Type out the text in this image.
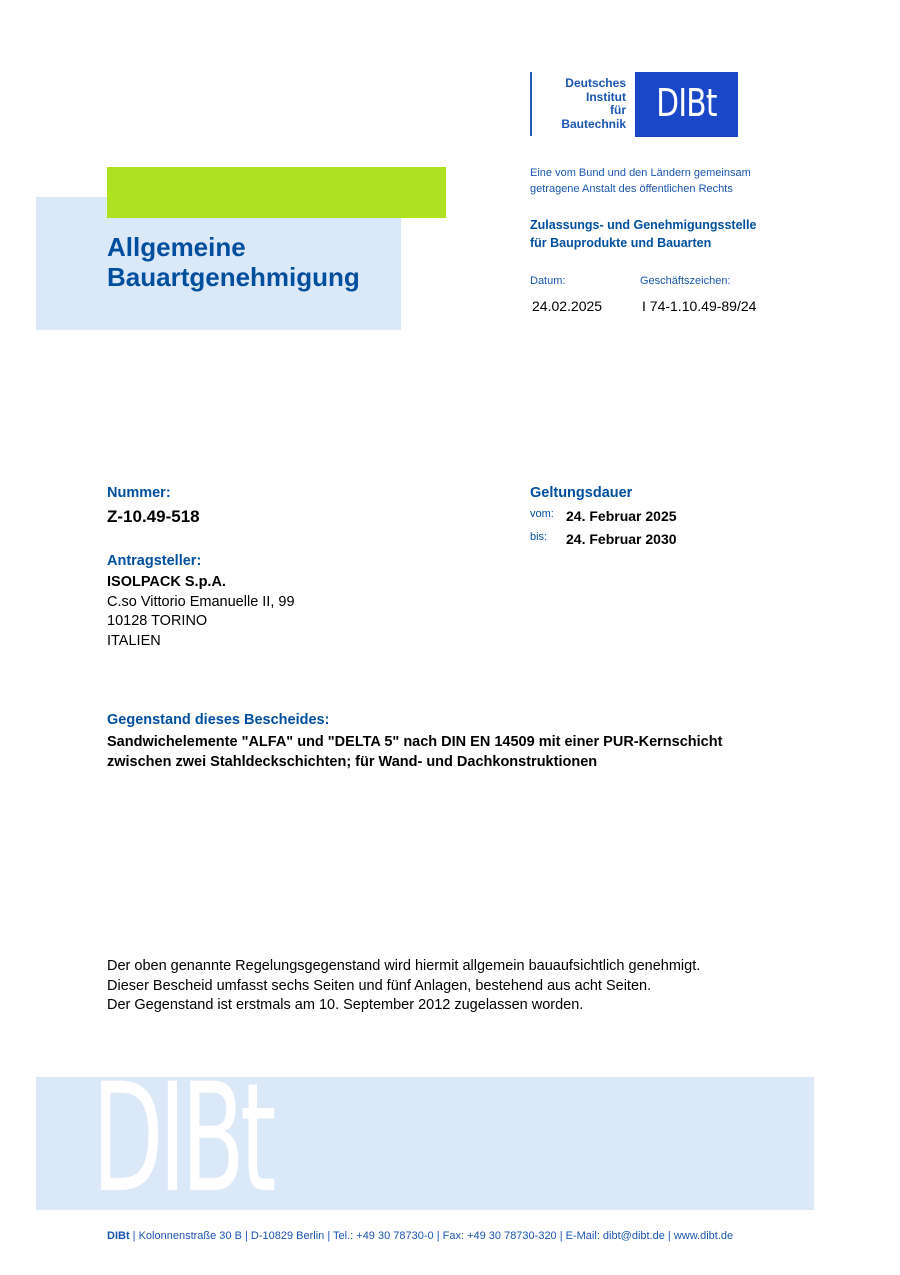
Deutsches
Institut
für
Bautechnik DIBt
Eine vom Bund und den Ländern gemeinsam
getragene Anstalt des öffentlichen Rechts
Zulassungs- und Genehmigungsstelle
für Bauprodukte und Bauarten
Datum:	Geschäftszeichen:
24.02.2025	I 74-1.10.49-89/24
Allgemeine
Bauartgenehmigung
Nummer:
Z-10.49-518
Geltungsdauer
vom: 24. Februar 2025
bis: 24. Februar 2030
Antragsteller:
ISOLPACK S.p.A.
C.so Vittorio Emanuelle II, 99
10128 TORINO
ITALIEN
Gegenstand dieses Bescheides:
Sandwichelemente "ALFA" und "DELTA 5" nach DIN EN 14509 mit einer PUR-Kernschicht
zwischen zwei Stahldeckschichten; für Wand- und Dachkonstruktionen
Der oben genannte Regelungsgegenstand wird hiermit allgemein bauaufsichtlich genehmigt.
Dieser Bescheid umfasst sechs Seiten und fünf Anlagen, bestehend aus acht Seiten.
Der Gegenstand ist erstmals am 10. September 2012 zugelassen worden.
DIBt
DIBt | Kolonnenstraße 30 B | D-10829 Berlin | Tel.: +49 30 78730-0 | Fax: +49 30 78730-320 | E-Mail: dibt@dibt.de | www.dibt.de
